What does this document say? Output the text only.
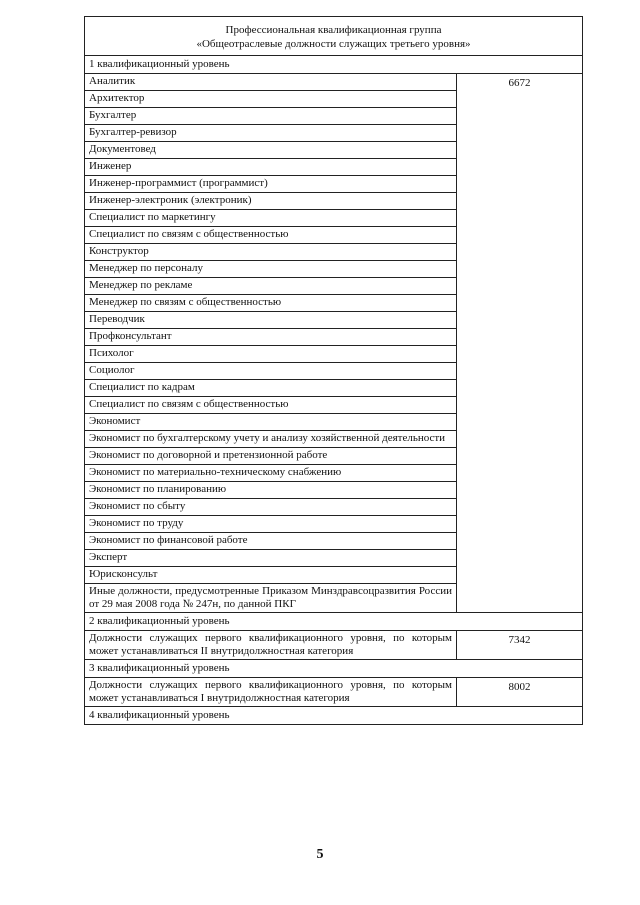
Профессиональная квалификационная группа
«Общеотраслевые должности служащих третьего уровня»	

1 квалификационный уровень	
Аналитик	6672
Архитектор	
Бухгалтер	
Бухгалтер-ревизор	
Документовед	
Инженер	
Инженер-программист (программист)	
Инженер-электроник (электроник)	
Специалист по маркетингу	
Специалист по связям с общественностью	
Конструктор	
Менеджер по персоналу	
Менеджер по рекламе	
Менеджер по связям с общественностью	
Переводчик	
Профконсультант	
Психолог	
Социолог	
Специалист по кадрам	
Специалист по связям с общественностью	
Экономист	
Экономист по бухгалтерскому учету и анализу хозяйственной деятельности	
Экономист по договорной и претензионной работе	
Экономист по материально-техническому снабжению	
Экономист по планированию	
Экономист по сбыту	
Экономист по труду	
Экономист по финансовой работе	
Эксперт	
Юрисконсульт	
Иные должности, предусмотренные Приказом Минздравсоцразвития России от 29 мая 2008 года № 247н, по данной ПКГ	
2 квалификационный уровень	
Должности служащих первого квалификационного уровня, по которым может устанавливаться II внутридолжностная категория	7342
3 квалификационный уровень	
Должности служащих первого квалификационного уровня, по которым может устанавливаться I внутридолжностная категория	8002
4 квалификационный уровень	
5
